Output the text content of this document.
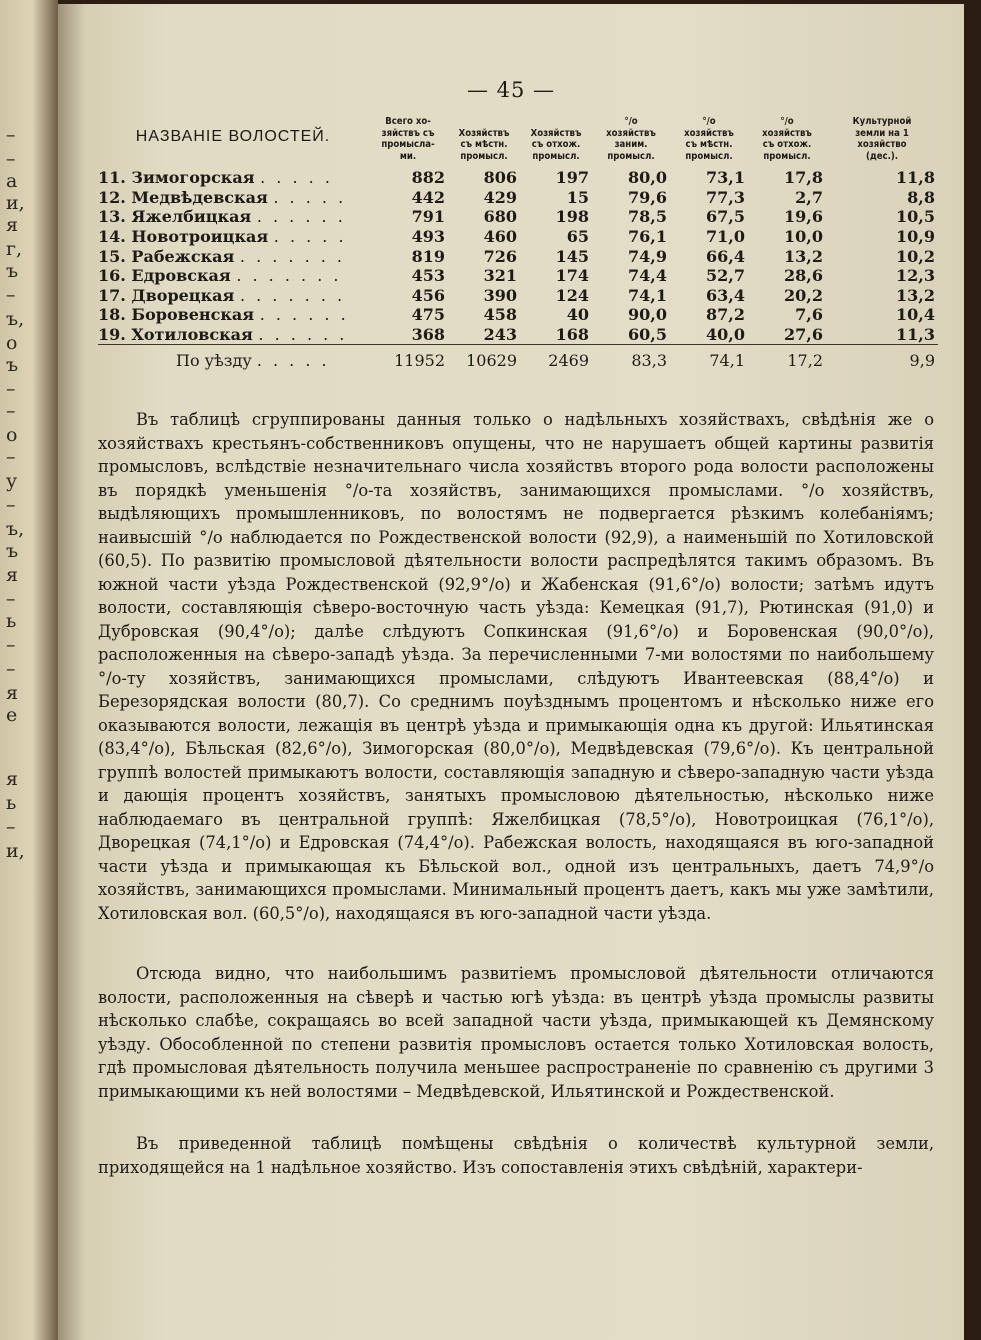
–
–
а
и,
я
г,
ъ
–
ъ,
о
ъ
–
–
о
–
у
–
ъ,
ъ
я
–
ь
–
–
я
е
я
ь
–
и,
— 45 —
НАЗВАНІЕ ВОЛОСТЕЙ.	Всего хо-
зяйствъ съ
промысла-
ми.	Хозяйствъ
съ мѣстн.
промысл.	Хозяйствъ
съ отхож.
промысл.	°/o
хозяйствъ
заним.
промысл.	°/o
хозяйствъ
съ мѣстн.
промысл.	°/o
хозяйствъ
съ отхож.
промысл.	Культурной
земли на 1
хозяйство
(дес.).
11. Зимогорская . . . . .	882	806	197	80,0	73,1	17,8	11,8
12. Медвѣдевская . . . . .	442	429	15	79,6	77,3	2,7	8,8
13. Яжелбицкая . . . . . .	791	680	198	78,5	67,5	19,6	10,5
14. Новотроицкая . . . . .	493	460	65	76,1	71,0	10,0	10,9
15. Рабежская . . . . . . .	819	726	145	74,9	66,4	13,2	10,2
16. Едровская . . . . . . .	453	321	174	74,4	52,7	28,6	12,3
17. Дворецкая . . . . . . .	456	390	124	74,1	63,4	20,2	13,2
18. Боровенская . . . . . .	475	458	40	90,0	87,2	7,6	10,4
19. Хотиловская . . . . . .	368	243	168	60,5	40,0	27,6	11,3
По уѣзду . . . . .	11952	10629	2469	83,3	74,1	17,2	9,9

Въ таблицѣ сгруппированы данныя только о надѣльныхъ хозяйствахъ, свѣдѣнія же о хозяйствахъ крестьянъ-собственниковъ опущены, что не нарушаетъ общей картины развитія промысловъ, вслѣдствіе незначительнаго числа хозяйствъ второго рода волости расположены въ порядкѣ уменьшенія °/o-та хозяйствъ, занимающихся промыслами. °/o хозяйствъ, выдѣляющихъ промышленниковъ, по волостямъ не подвергается рѣзкимъ колебаніямъ; наивысшій °/o наблюдается по Рождественской волости (92,9), а наименьшій по Хотиловской (60,5). По развитію промысловой дѣятельности волости распредѣлятся такимъ образомъ. Въ южной части уѣзда Рождественской (92,9°/o) и Жабенская (91,6°/o) волости; затѣмъ идутъ волости, составляющія сѣверо-восточную часть уѣзда: Кемецкая (91,7), Рютинская (91,0) и Дубровская (90,4°/o); далѣе слѣдуютъ Сопкинская (91,6°/o) и Боровенская (90,0°/o), расположенныя на сѣверо-западѣ уѣзда. За перечисленными 7-ми волостями по наибольшему °/o-ту хозяйствъ, занимающихся промыслами, слѣдуютъ Ивантеевская (88,4°/o) и Березорядская волости (80,7). Со среднимъ поуѣзднымъ процентомъ и нѣсколько ниже его оказываются волости, лежащія въ центрѣ уѣзда и примыкающія одна къ другой: Ильятинская (83,4°/o), Бѣльская (82,6°/o), Зимогорская (80,0°/o), Медвѣдевская (79,6°/o). Къ центральной группѣ волостей примыкаютъ волости, составляющія западную и сѣверо-западную части уѣзда и дающія процентъ хозяйствъ, занятыхъ промысловою дѣятельностью, нѣсколько ниже наблюдаемаго въ центральной группѣ: Яжелбицкая (78,5°/o), Новотроицкая (76,1°/o), Дворецкая (74,1°/o) и Едровская (74,4°/o). Рабежская волость, находящаяся въ юго-западной части уѣзда и примыкающая къ Бѣльской вол., одной изъ центральныхъ, даетъ 74,9°/o хозяйствъ, занимающихся промыслами. Минимальный процентъ даетъ, какъ мы уже замѣтили, Хотиловская вол. (60,5°/o), находящаяся въ юго-западной части уѣзда.

Отсюда видно, что наибольшимъ развитіемъ промысловой дѣятельности отличаются волости, расположенныя на сѣверѣ и частью югѣ уѣзда: въ центрѣ уѣзда промыслы развиты нѣсколько слабѣе, сокращаясь во всей западной части уѣзда, примыкающей къ Демянскому уѣзду. Обособленной по степени развитія промысловъ остается только Хотиловская волость, гдѣ промысловая дѣятельность получила меньшее распространеніе по сравненію съ другими 3 примыкающими къ ней волостями – Медвѣдевской, Ильятинской и Рождественской.

Въ приведенной таблицѣ помѣщены свѣдѣнія о количествѣ культурной земли, приходящейся на 1 надѣльное хозяйство. Изъ сопоставленія этихъ свѣдѣній, характери-
